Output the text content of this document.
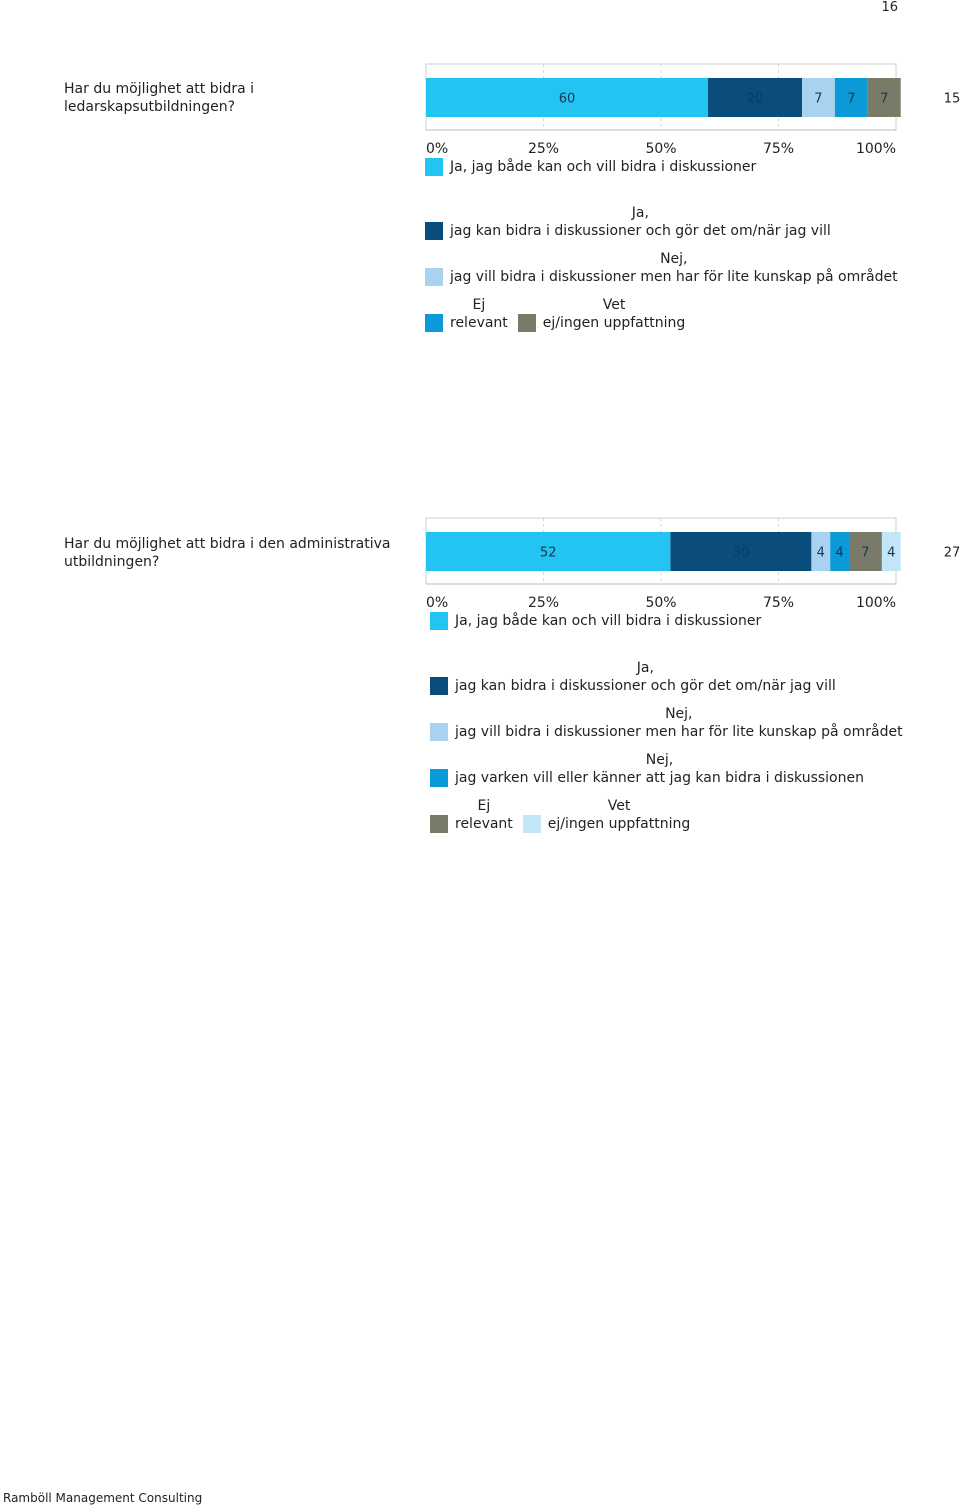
16
Har du möjlighet att bidra i ledarskapsutbildningen?	60	20	7 7 7	15
0%	25%	50%	75%	100%
Ja, jag både kan och vill bidra i diskussioner
Ja,
jag kan bidra i diskussioner och gör det om/när jag vill
Nej,
jag vill bidra i diskussioner men har för lite kunskap på området
Ej
relevant
Vet
ej/ingen uppfattning
Har du möjlighet att bidra i den administrativa utbildningen?
52	30	4 4 7 4	27
0%	25%	50%	75%	100%
Ja, jag både kan och vill bidra i diskussioner
Ja,
jag kan bidra i diskussioner och gör det om/när jag vill
Nej,
jag vill bidra i diskussioner men har för lite kunskap på området
Nej,
jag varken vill eller känner att jag kan bidra i diskussionen
Ej
relevant
Vet
ej/ingen uppfattning
Ramböll Management Consulting
